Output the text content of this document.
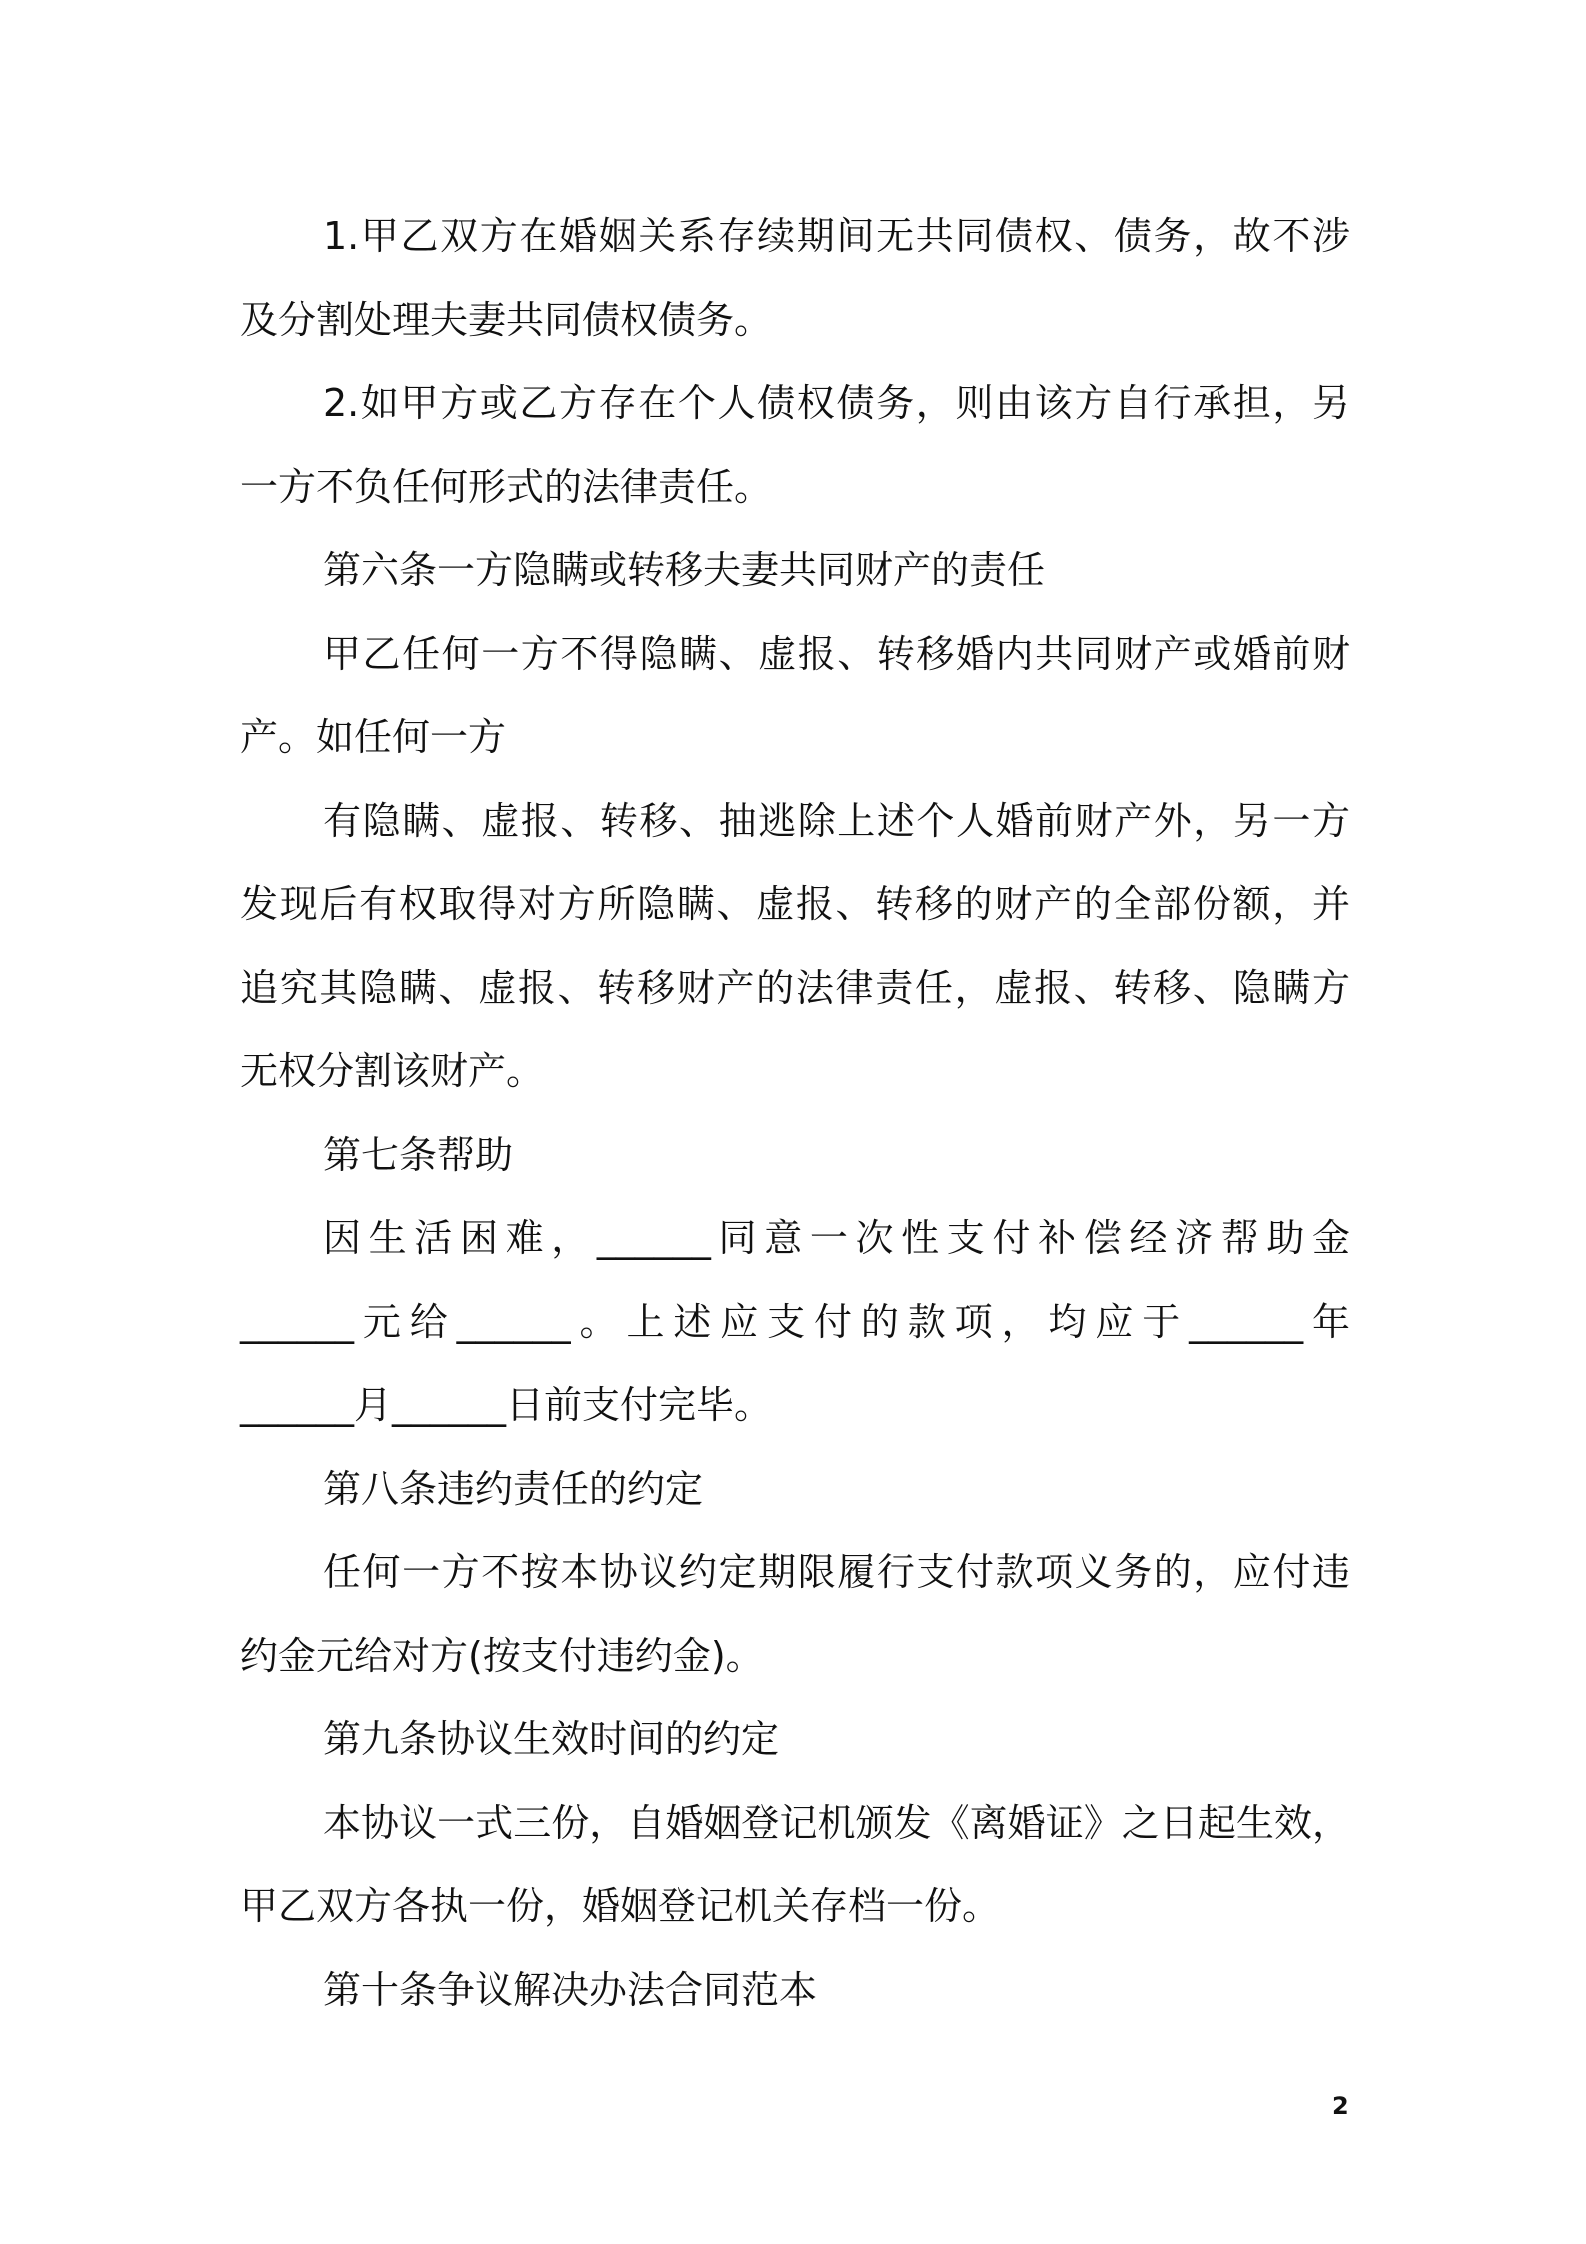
1.甲乙双方在婚姻关系存续期间无共同债权、债务，故不涉
及分割处理夫妻共同债权债务。
2.如甲方或乙方存在个人债权债务，则由该方自行承担，另
一方不负任何形式的法律责任。
第六条一方隐瞒或转移夫妻共同财产的责任
甲乙任何一方不得隐瞒、虚报、转移婚内共同财产或婚前财
产。如任何一方
有隐瞒、虚报、转移、抽逃除上述个人婚前财产外，另一方
发现后有权取得对方所隐瞒、虚报、转移的财产的全部份额，并
追究其隐瞒、虚报、转移财产的法律责任，虚报、转移、隐瞒方
无权分割该财产。
第七条帮助
因生活困难，______同意一次性支付补偿经济帮助金
______元给______。上述应支付的款项，均应于______年
______月______日前支付完毕。
第八条违约责任的约定
任何一方不按本协议约定期限履行支付款项义务的，应付违
约金元给对方(按支付违约金)。
第九条协议生效时间的约定
本协议一式三份，自婚姻登记机颁发《离婚证》之日起生效，
甲乙双方各执一份，婚姻登记机关存档一份。
第十条争议解决办法合同范本
2
